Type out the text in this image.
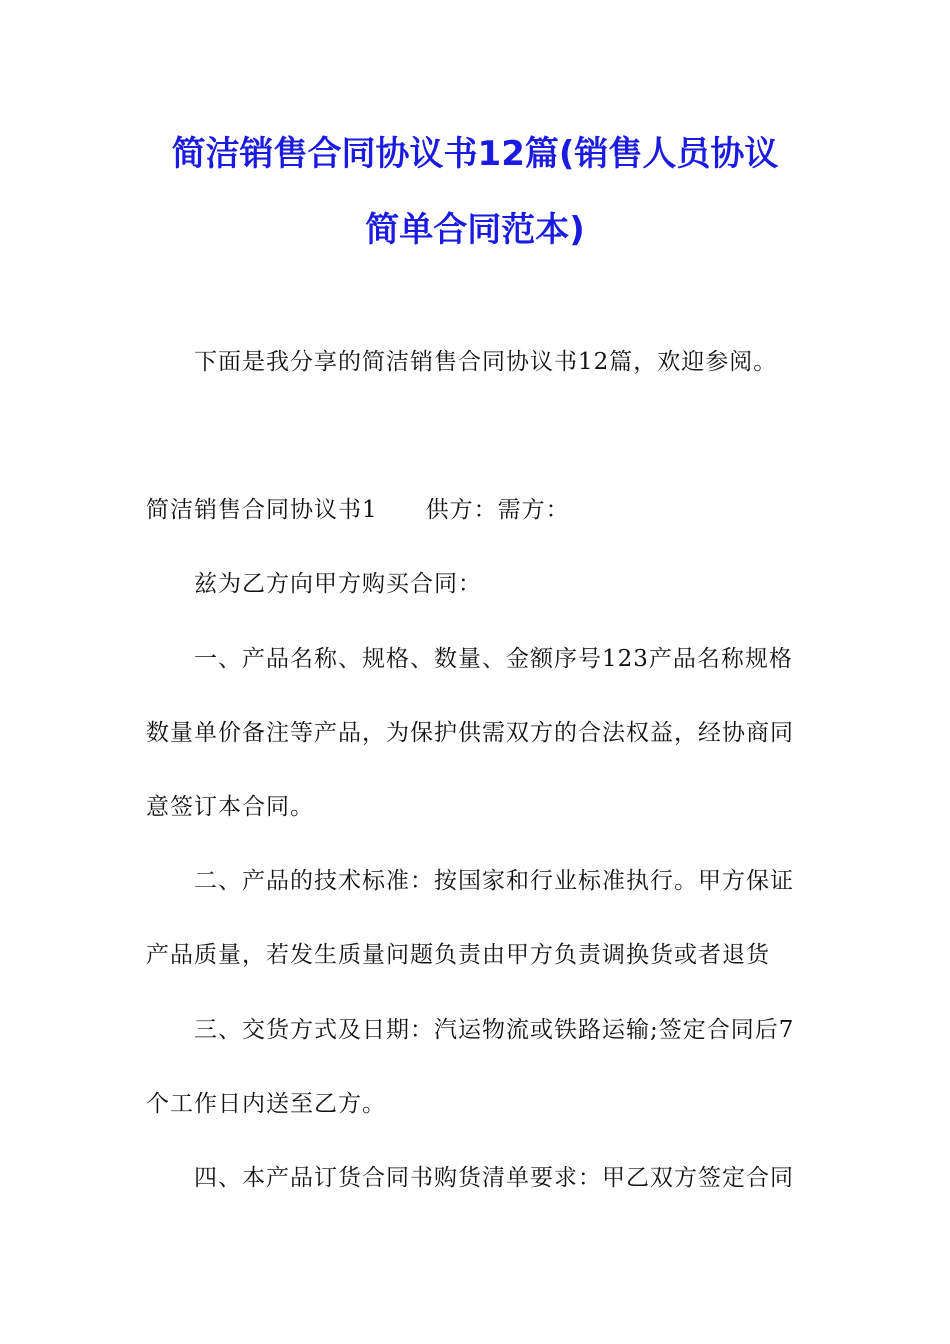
简洁销售合同协议书12篇(销售人员协议
简单合同范本)
下面是我分享的简洁销售合同协议书12篇，欢迎参阅。
简洁销售合同协议书1　　供方：需方：
兹为乙方向甲方购买合同：
一、产品名称、规格、数量、金额序号123产品名称规格
数量单价备注等产品，为保护供需双方的合法权益，经协商同
意签订本合同。
二、产品的技术标准：按国家和行业标准执行。甲方保证
产品质量，若发生质量问题负责由甲方负责调换货或者退货
三、交货方式及日期：汽运物流或铁路运输;签定合同后7
个工作日内送至乙方。
四、本产品订货合同书购货清单要求：甲乙双方签定合同
